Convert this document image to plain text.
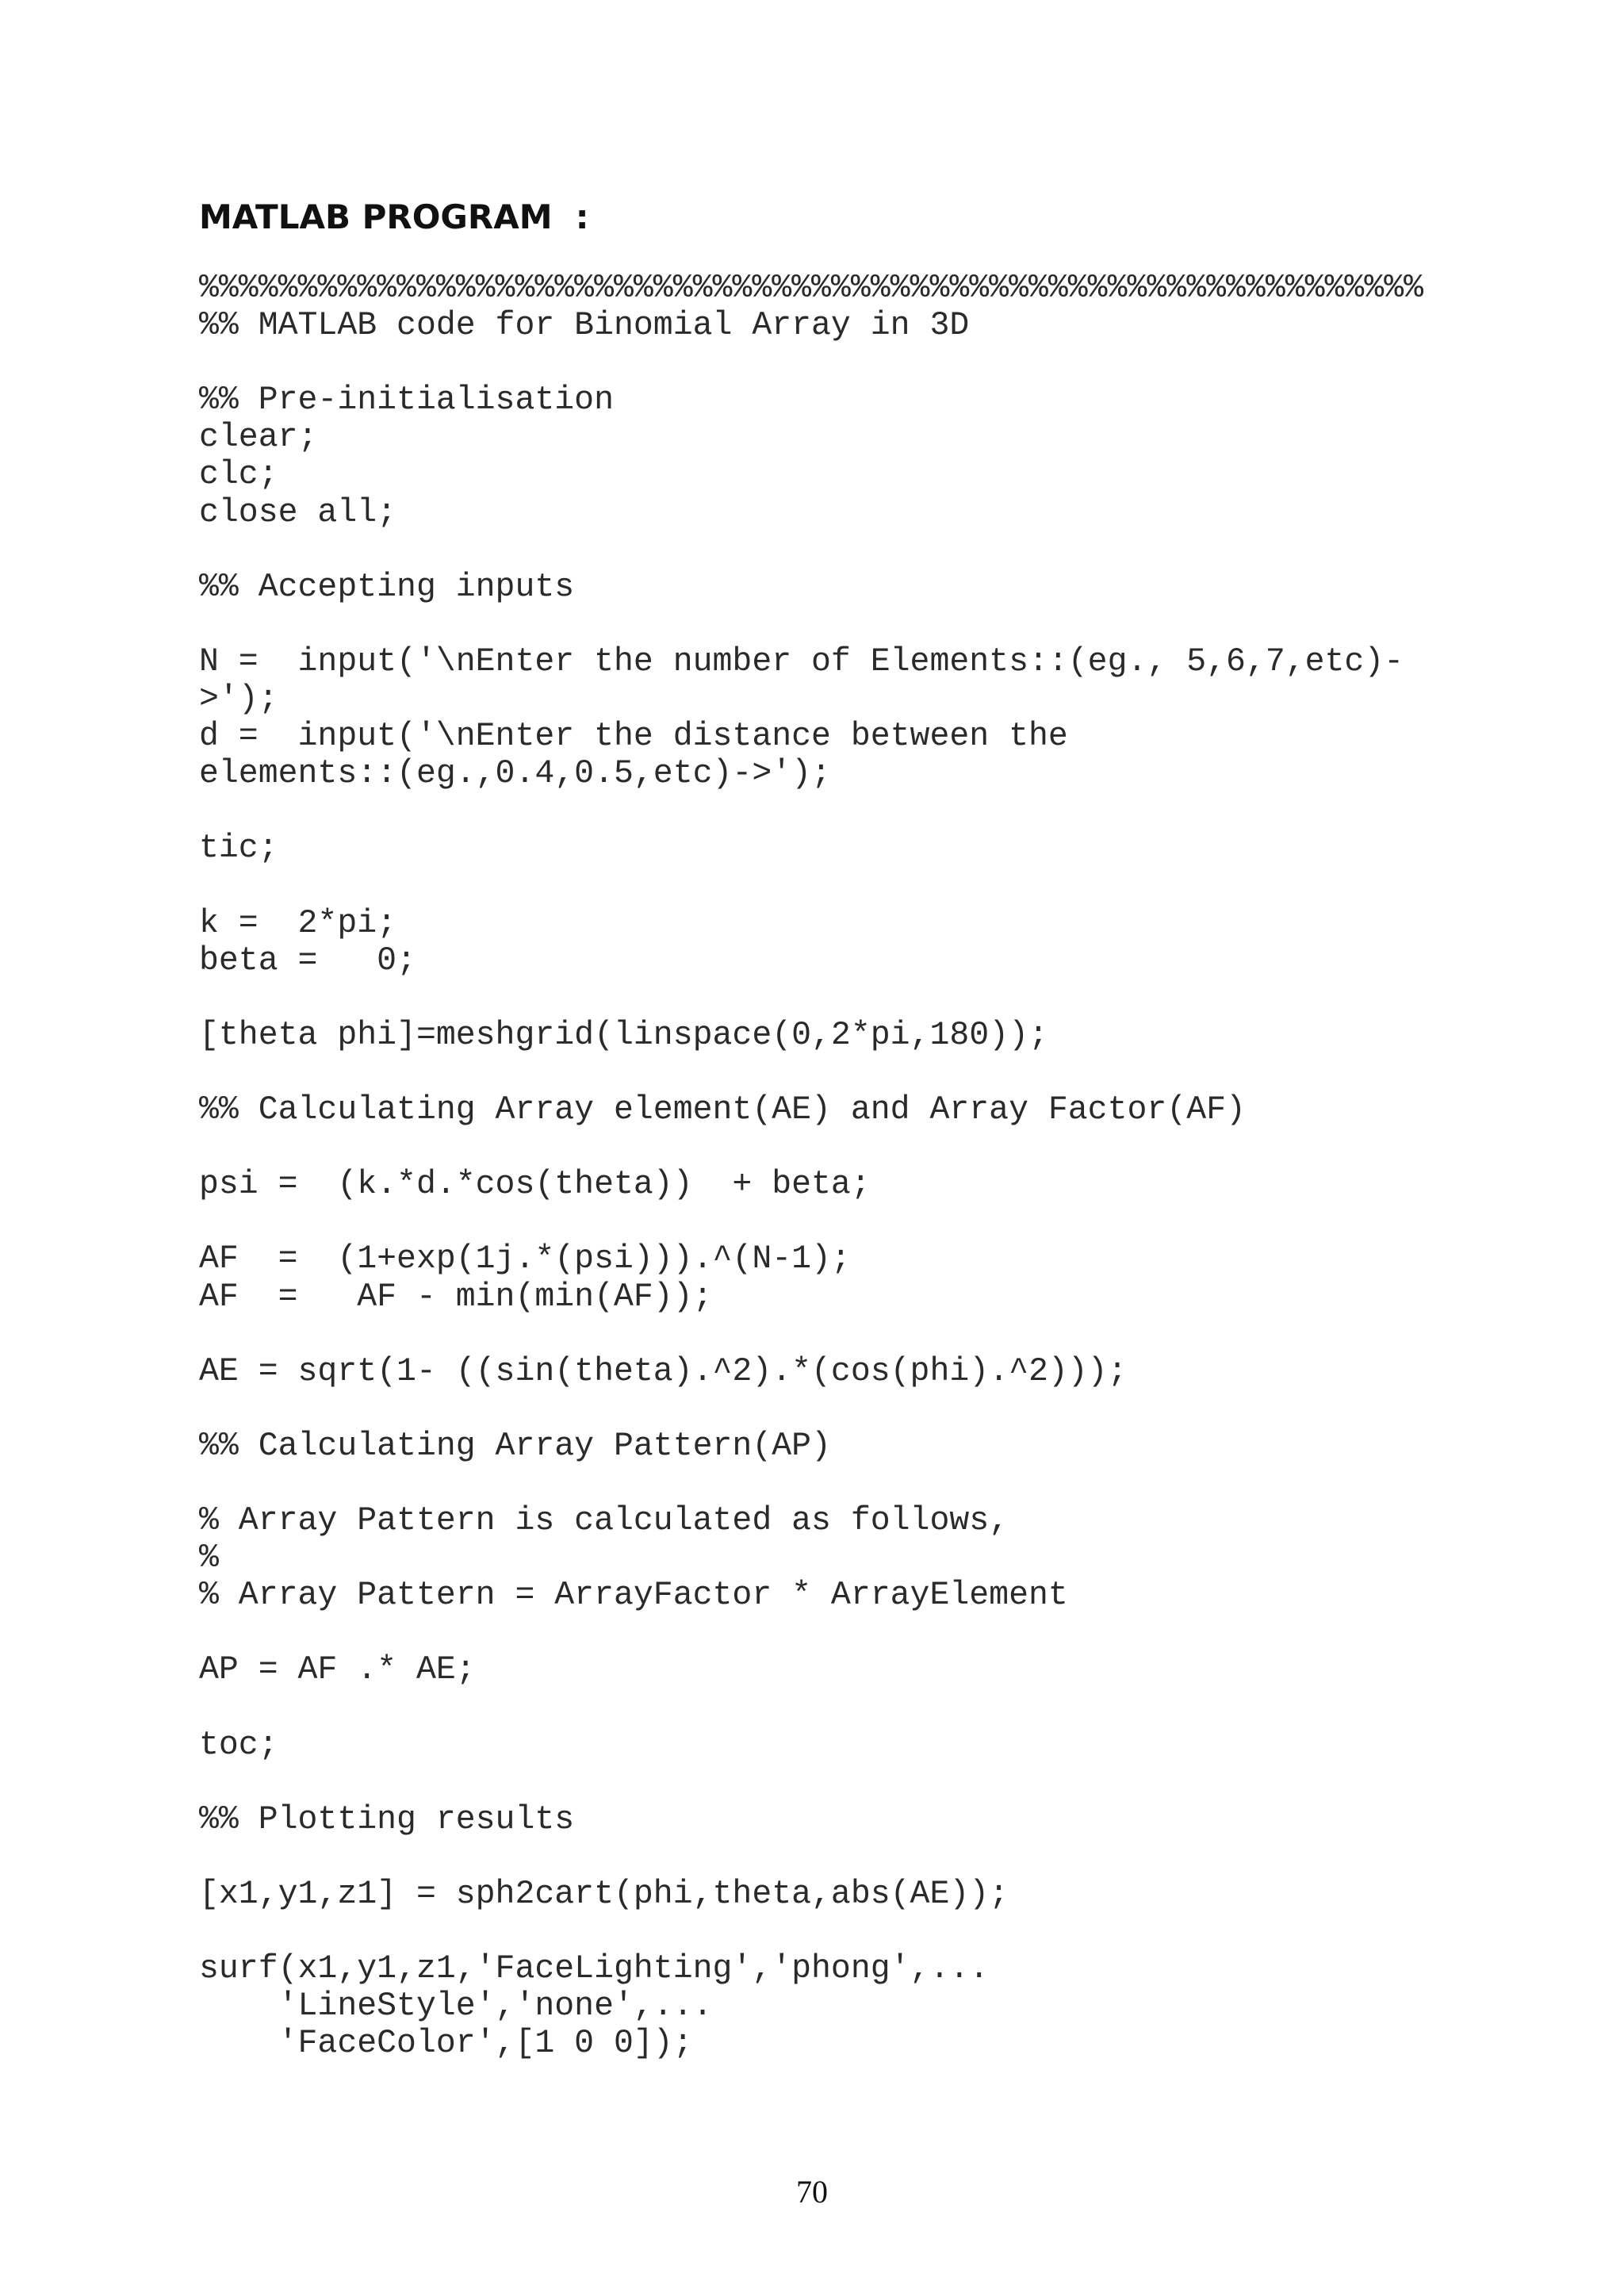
MATLAB PROGRAM  :
%%%%%%%%%%%%%%%%%%%%%%%%%%%%%%%%%%%%%%%%%%%%%%%%%%%%%%%%%%%%%%
%% MATLAB code for Binomial Array in 3D
%% Pre-initialisation
clear;
clc;
close all;
%% Accepting inputs
N =  input('\nEnter the number of Elements::(eg., 5,6,7,etc)-
>');
d =  input('\nEnter the distance between the
elements::(eg.,0.4,0.5,etc)->');
tic;
k =  2*pi;
beta =   0;
[theta phi]=meshgrid(linspace(0,2*pi,180));
%% Calculating Array element(AE) and Array Factor(AF)
psi =  (k.*d.*cos(theta))  + beta;
AF  =  (1+exp(1j.*(psi))).^(N-1);
AF  =   AF - min(min(AF));
AE = sqrt(1- ((sin(theta).^2).*(cos(phi).^2)));
%% Calculating Array Pattern(AP)
% Array Pattern is calculated as follows,
%
% Array Pattern = ArrayFactor * ArrayElement
AP = AF .* AE;
toc;
%% Plotting results
[x1,y1,z1] = sph2cart(phi,theta,abs(AE));
surf(x1,y1,z1,'FaceLighting','phong',...
'LineStyle','none',...
'FaceColor',[1 0 0]);
70
